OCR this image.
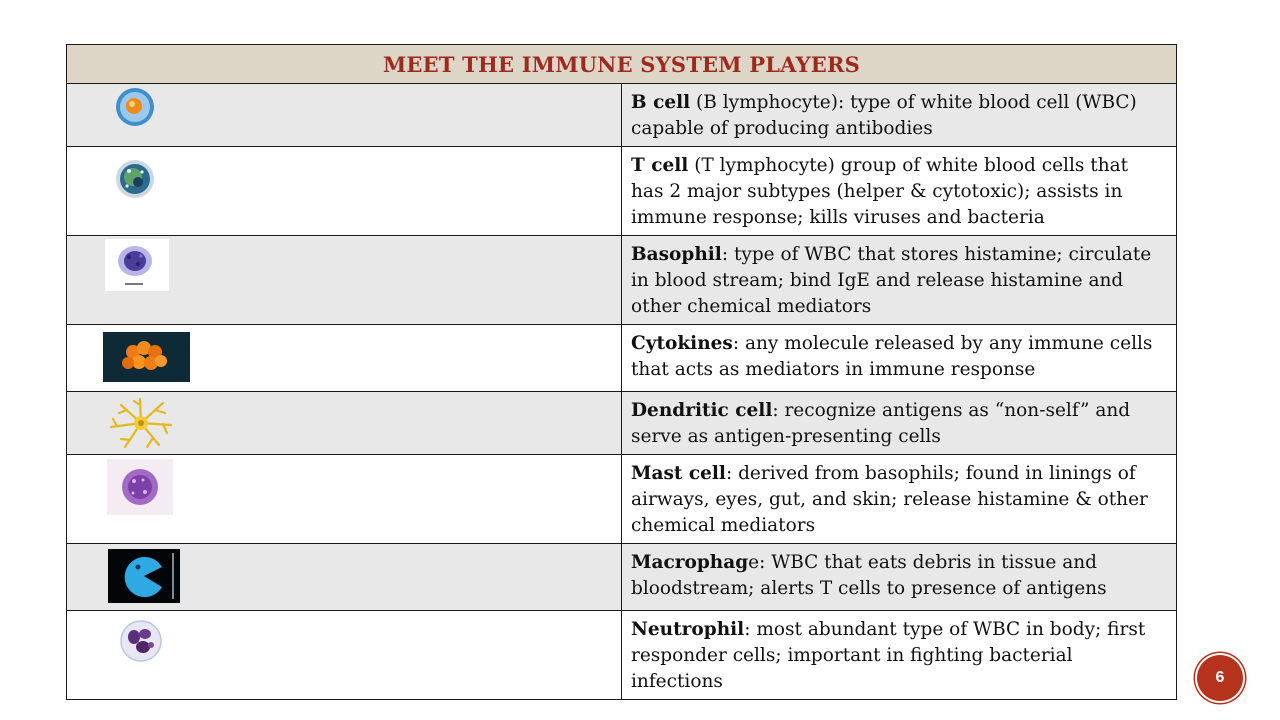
MEET THE IMMUNE SYSTEM PLAYERS	

	B cell (B lymphocyte): type of white blood cell (WBC) capable of producing antibodies

	T cell (T lymphocyte) group of white blood cells that has 2 major subtypes (helper & cytotoxic); assists in immune response; kills viruses and bacteria

	Basophil: type of WBC that stores histamine; circulate in blood stream; bind IgE and release histamine and other chemical mediators

	Cytokines: any molecule released by any immune cells that acts as mediators in immune response

	Dendritic cell: recognize antigens as “non-self” and serve as antigen-presenting cells

	Mast cell: derived from basophils; found in linings of airways, eyes, gut, and skin; release histamine & other chemical mediators

	Macrophage: WBC that eats debris in tissue and bloodstream; alerts T cells to presence of antigens

	Neutrophil: most abundant type of WBC in body; first responder cells; important in fighting bacterial infections	6
